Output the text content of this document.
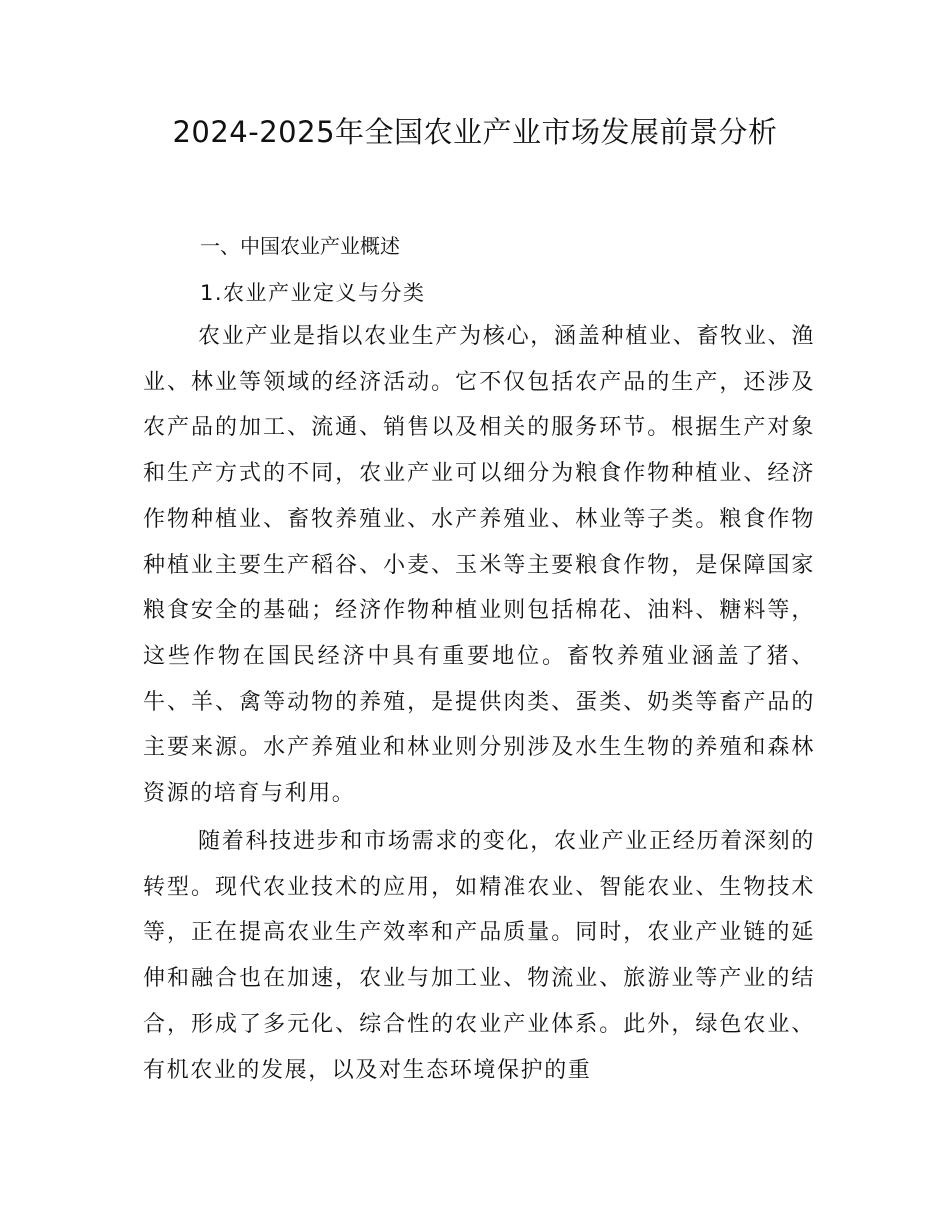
2024-2025年全国农业产业市场发展前景分析
一、中国农业产业概述
1.农业产业定义与分类

农业产业是指以农业生产为核心，涵盖种植业、畜牧业、渔业、林业等领域的经济活动。它不仅包括农产品的生产，还涉及农产品的加工、流通、销售以及相关的服务环节。根据生产对象和生产方式的不同，农业产业可以细分为粮食作物种植业、经济作物种植业、畜牧养殖业、水产养殖业、林业等子类。粮食作物种植业主要生产稻谷、小麦、玉米等主要粮食作物，是保障国家粮食安全的基础；经济作物种植业则包括棉花、油料、糖料等，这些作物在国民经济中具有重要地位。畜牧养殖业涵盖了猪、牛、羊、禽等动物的养殖，是提供肉类、蛋类、奶类等畜产品的主要来源。水产养殖业和林业则分别涉及水生生物的养殖和森林资源的培育与利用。

随着科技进步和市场需求的变化，农业产业正经历着深刻的转型。现代农业技术的应用，如精准农业、智能农业、生物技术等，正在提高农业生产效率和产品质量。同时，农业产业链的延伸和融合也在加速，农业与加工业、物流业、旅游业等产业的结合，形成了多元化、综合性的农业产业体系。此外，绿色农业、有机农业的发展，以及对生态环境保护的重
